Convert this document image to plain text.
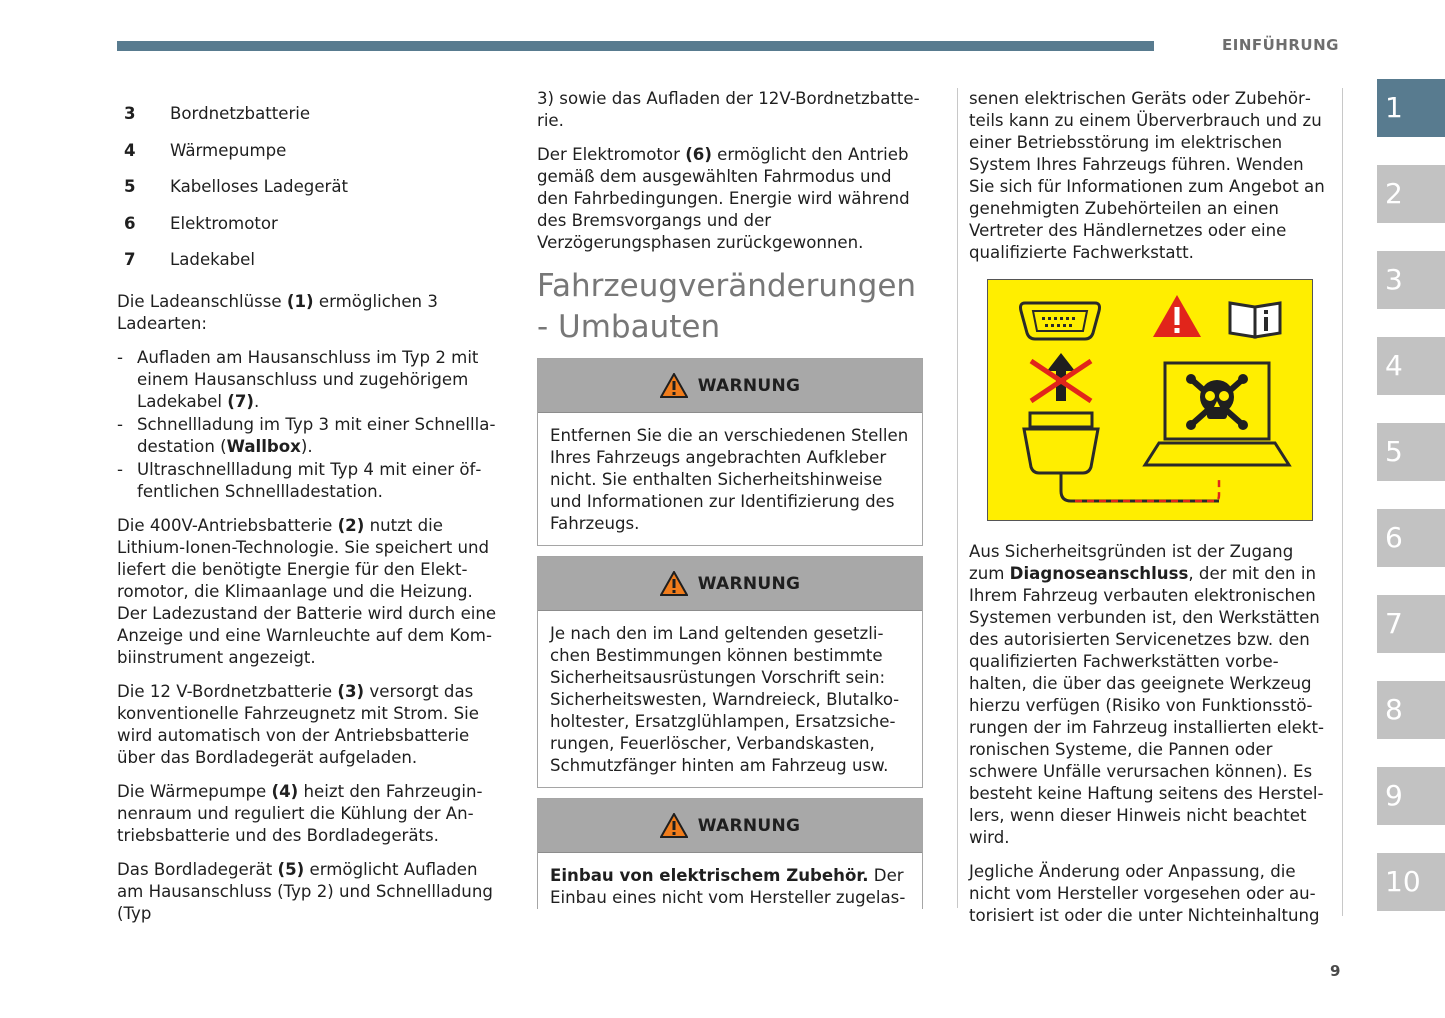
EINFÜHRUNG
1
2
3
4
5
6
7
8
9
10
3	Bordnetzbatterie
4	Wärmepumpe
5	Kabelloses Ladegerät
6	Elektromotor
7	Ladekabel

Die Ladeanschlüsse (1) ermöglichen 3 Ladearten:

- Aufladen am Hausanschluss im Typ 2 mit einem Hausanschluss und zugehörigem Ladekabel (7).
- Schnellladung im Typ 3 mit einer Schnellladestation (Wallbox).
- Ultraschnellladung mit Typ 4 mit einer öffentlichen Schnellladestation.

Die 400V-Antriebsbatterie (2) nutzt die Lithium-Ionen-Technologie. Sie speichert und liefert die benötigte Energie für den Elektromotor, die Klimaanlage und die Heizung. Der Ladezustand der Batterie wird durch eine Anzeige und eine Warnleuchte auf dem Kombiinstrument angezeigt.

Die 12 V-Bordnetzbatterie (3) versorgt das konventionelle Fahrzeugnetz mit Strom. Sie wird automatisch von der Antriebsbatterie über das Bordladegerät aufgeladen.

Die Wärmepumpe (4) heizt den Fahrzeuginnenraum und reguliert die Kühlung der Antriebsbatterie und des Bordladegeräts.

Das Bordladegerät (5) ermöglicht Aufladen am Hausanschluss (Typ 2) und Schnellladung (Typ

3) sowie das Aufladen der 12V-Bordnetzbatterie.

Der Elektromotor (6) ermöglicht den Antrieb gemäß dem ausgewählten Fahrmodus und den Fahrbedingungen. Energie wird während des Bremsvorgangs und der Verzögerungsphasen zurückgewonnen.

Fahrzeugveränderungen - Umbauten
WARNUNG

Entfernen Sie die an verschiedenen Stellen Ihres Fahrzeugs angebrachten Aufkleber nicht. Sie enthalten Sicherheitshinweise und Informationen zur Identifizierung des Fahrzeugs.

WARNUNG

Je nach den im Land geltenden gesetzlichen Bestimmungen können bestimmte Sicherheitsausrüstungen Vorschrift sein: Sicherheitswesten, Warndreieck, Blutalkoholtester, Ersatzglühlampen, Ersatzsicherungen, Feuerlöscher, Verbandskasten, Schmutzfänger hinten am Fahrzeug usw.

WARNUNG

Einbau von elektrischem Zubehör. Der Einbau eines nicht vom Hersteller zugelas-

senen elektrischen Geräts oder Zubehörteils kann zu einem Überverbrauch und zu einer Betriebsstörung im elektrischen System Ihres Fahrzeugs führen. Wenden Sie sich für Informationen zum Angebot an genehmigten Zubehörteilen an einen Vertreter des Händlernetzes oder eine qualifizierte Fachwerkstatt.

Aus Sicherheitsgründen ist der Zugang zum Diagnoseanschluss, der mit den in Ihrem Fahrzeug verbauten elektronischen Systemen verbunden ist, den Werkstätten des autorisierten Servicenetzes bzw. den qualifizierten Fachwerkstätten vorbehalten, die über das geeignete Werkzeug hierzu verfügen (Risiko von Funktionsstörungen der im Fahrzeug installierten elektronischen Systeme, die Pannen oder schwere Unfälle verursachen können). Es besteht keine Haftung seitens des Herstellers, wenn dieser Hinweis nicht beachtet wird.

Jegliche Änderung oder Anpassung, die nicht vom Hersteller vorgesehen oder autorisiert ist oder die unter Nichteinhaltung

9
